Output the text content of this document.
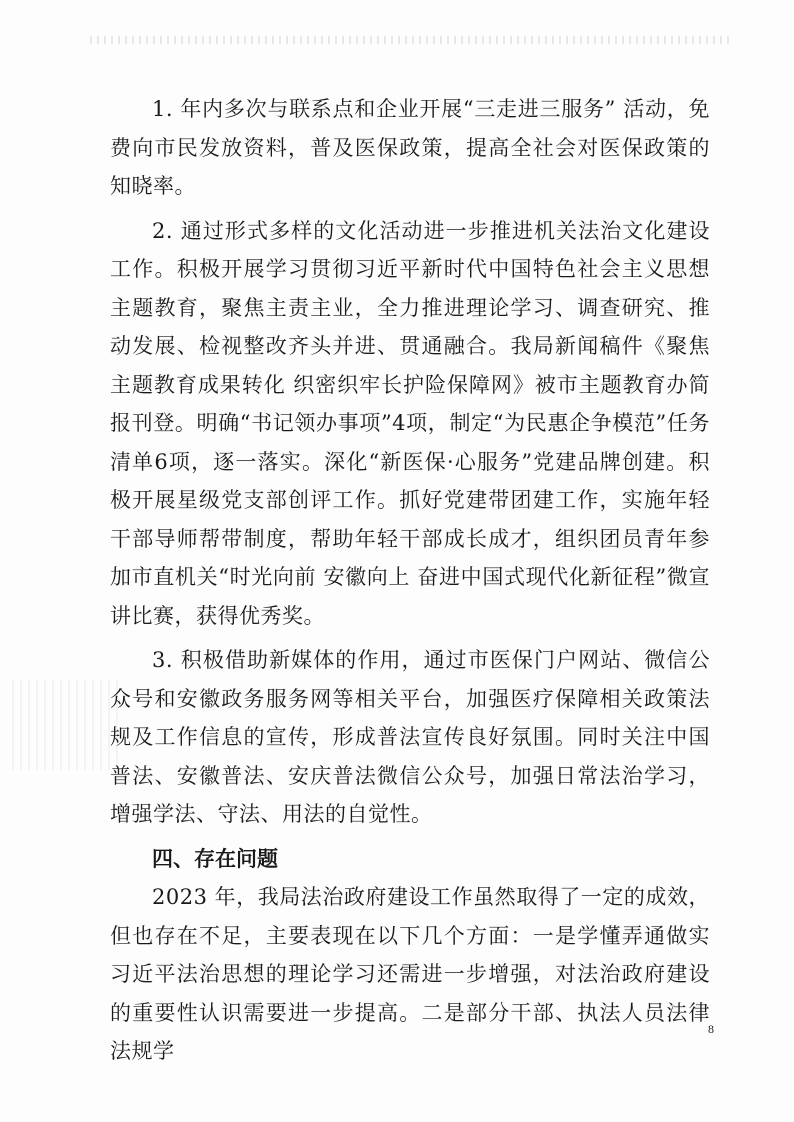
1. 年内多次与联系点和企业开展“三走进三服务” 活动，免费向市民发放资料，普及医保政策，提高全社会对医保政策的知晓率。

2. 通过形式多样的文化活动进一步推进机关法治文化建设工作。积极开展学习贯彻习近平新时代中国特色社会主义思想主题教育，聚焦主责主业，全力推进理论学习、调查研究、推动发展、检视整改齐头并进、贯通融合。我局新闻稿件《聚焦主题教育成果转化 织密织牢长护险保障网》被市主题教育办简报刊登。明确“书记领办事项”4项，制定“为民惠企争模范”任务清单6项，逐一落实。深化“新医保·心服务”党建品牌创建。积极开展星级党支部创评工作。抓好党建带团建工作，实施年轻干部导师帮带制度，帮助年轻干部成长成才，组织团员青年参加市直机关“时光向前 安徽向上 奋进中国式现代化新征程”微宣讲比赛，获得优秀奖。

3. 积极借助新媒体的作用，通过市医保门户网站、微信公众号和安徽政务服务网等相关平台，加强医疗保障相关政策法规及工作信息的宣传，形成普法宣传良好氛围。同时关注中国普法、安徽普法、安庆普法微信公众号，加强日常法治学习，增强学法、守法、用法的自觉性。

四、存在问题

2023 年，我局法治政府建设工作虽然取得了一定的成效，但也存在不足，主要表现在以下几个方面：一是学懂弄通做实习近平法治思想的理论学习还需进一步增强，对法治政府建设的重要性认识需要进一步提高。二是部分干部、执法人员法律法规学

8
